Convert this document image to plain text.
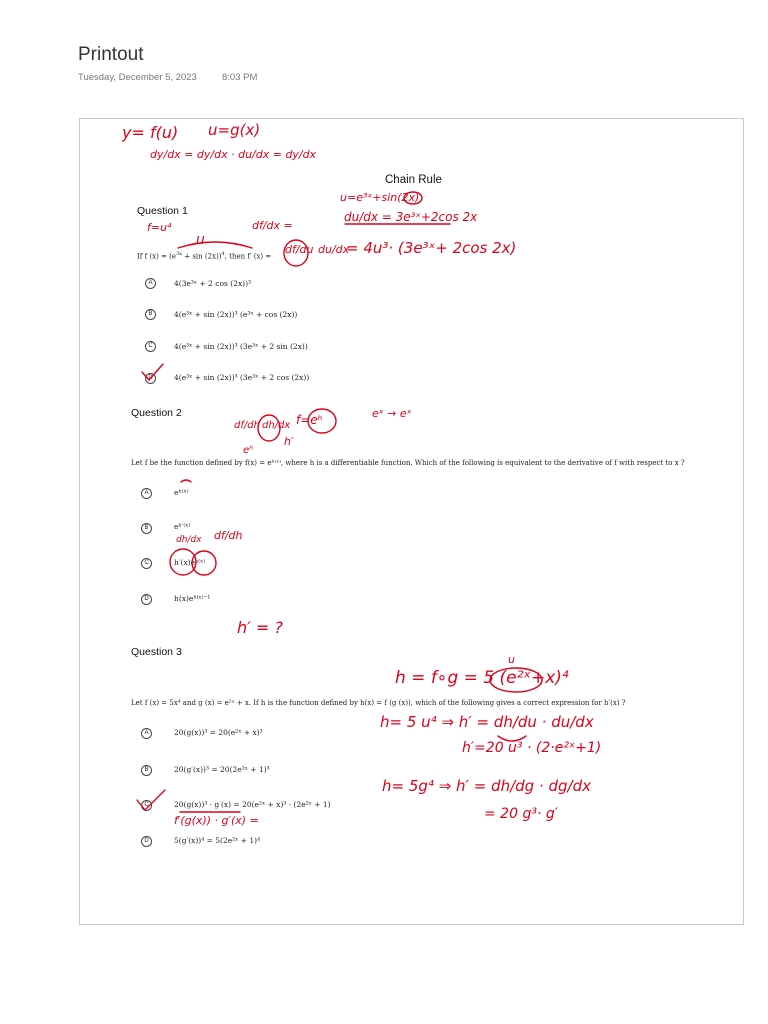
Printout
Tuesday, December 5, 2023	8:03 PM
Chain Rule
Question 1
If f $(x) = (e^{3x} + \sin (2x))^4$, then f′ (x) =
A	4(3e³ˣ + 2 cos (2x))³
B	4(e³ˣ + sin (2x))³ (e³ˣ + cos (2x))
C	4(e³ˣ + sin (2x))³ (3e³ˣ + 2 sin (2x))
D	4(e³ˣ + sin (2x))³ (3e³ˣ + 2 cos (2x))
Question 2
Let f be the function defined by f(x) = eʰ⁽ˣ⁾, where h is a differentiable function. Which of the following is equivalent to the derivative of f with respect to x ?
A	eʰ⁽ˣ⁾
B	eʰ′⁽ˣ⁾
C	h′(x)eʰ⁽ˣ⁾
D	h(x)eʰ⁽ˣ⁾⁻¹
Question 3
Let f (x) = 5x⁴ and g (x) = e²ˣ + x. If h is the function defined by h(x) = f (g (x)), which of the following gives a correct expression for h′(x) ?
A	20(g(x))³ = 20(e²ˣ + x)³
B	20(g′(x))³ = 20(2e²ˣ + 1)³
C	20(g(x))³ · g′(x) = 20(e²ˣ + x)³ · (2e²ˣ + 1)
D	5(g′(x))⁴ = 5(2e²ˣ + 1)⁴
y= f(u) u=g(x)
dy/dx = dy/dx · du/dx = dy/dx
f=u⁴
u
df/dx =
u=e³ˣ+sin(2x)
du/dx = 3e³ˣ+2cos 2x
df/du du/dx
= 4u³· (3e³ˣ+ 2cos 2x)
df/dh dh/dx
eʰ
h′
f=eʰ	eˣ → eˣ
dh/dx df/dh
h′ = ?
u
h = f∘g = 5 (e²ˣ+x)⁴
h= 5 u⁴ ⇒ h′ = dh/du · du/dx
h′=20 u³ · (2·e²ˣ+1)
h= 5g⁴ ⇒ h′ = dh/dg · dg/dx
= 20 g³· g′
f′(g(x)) · g′(x) =
